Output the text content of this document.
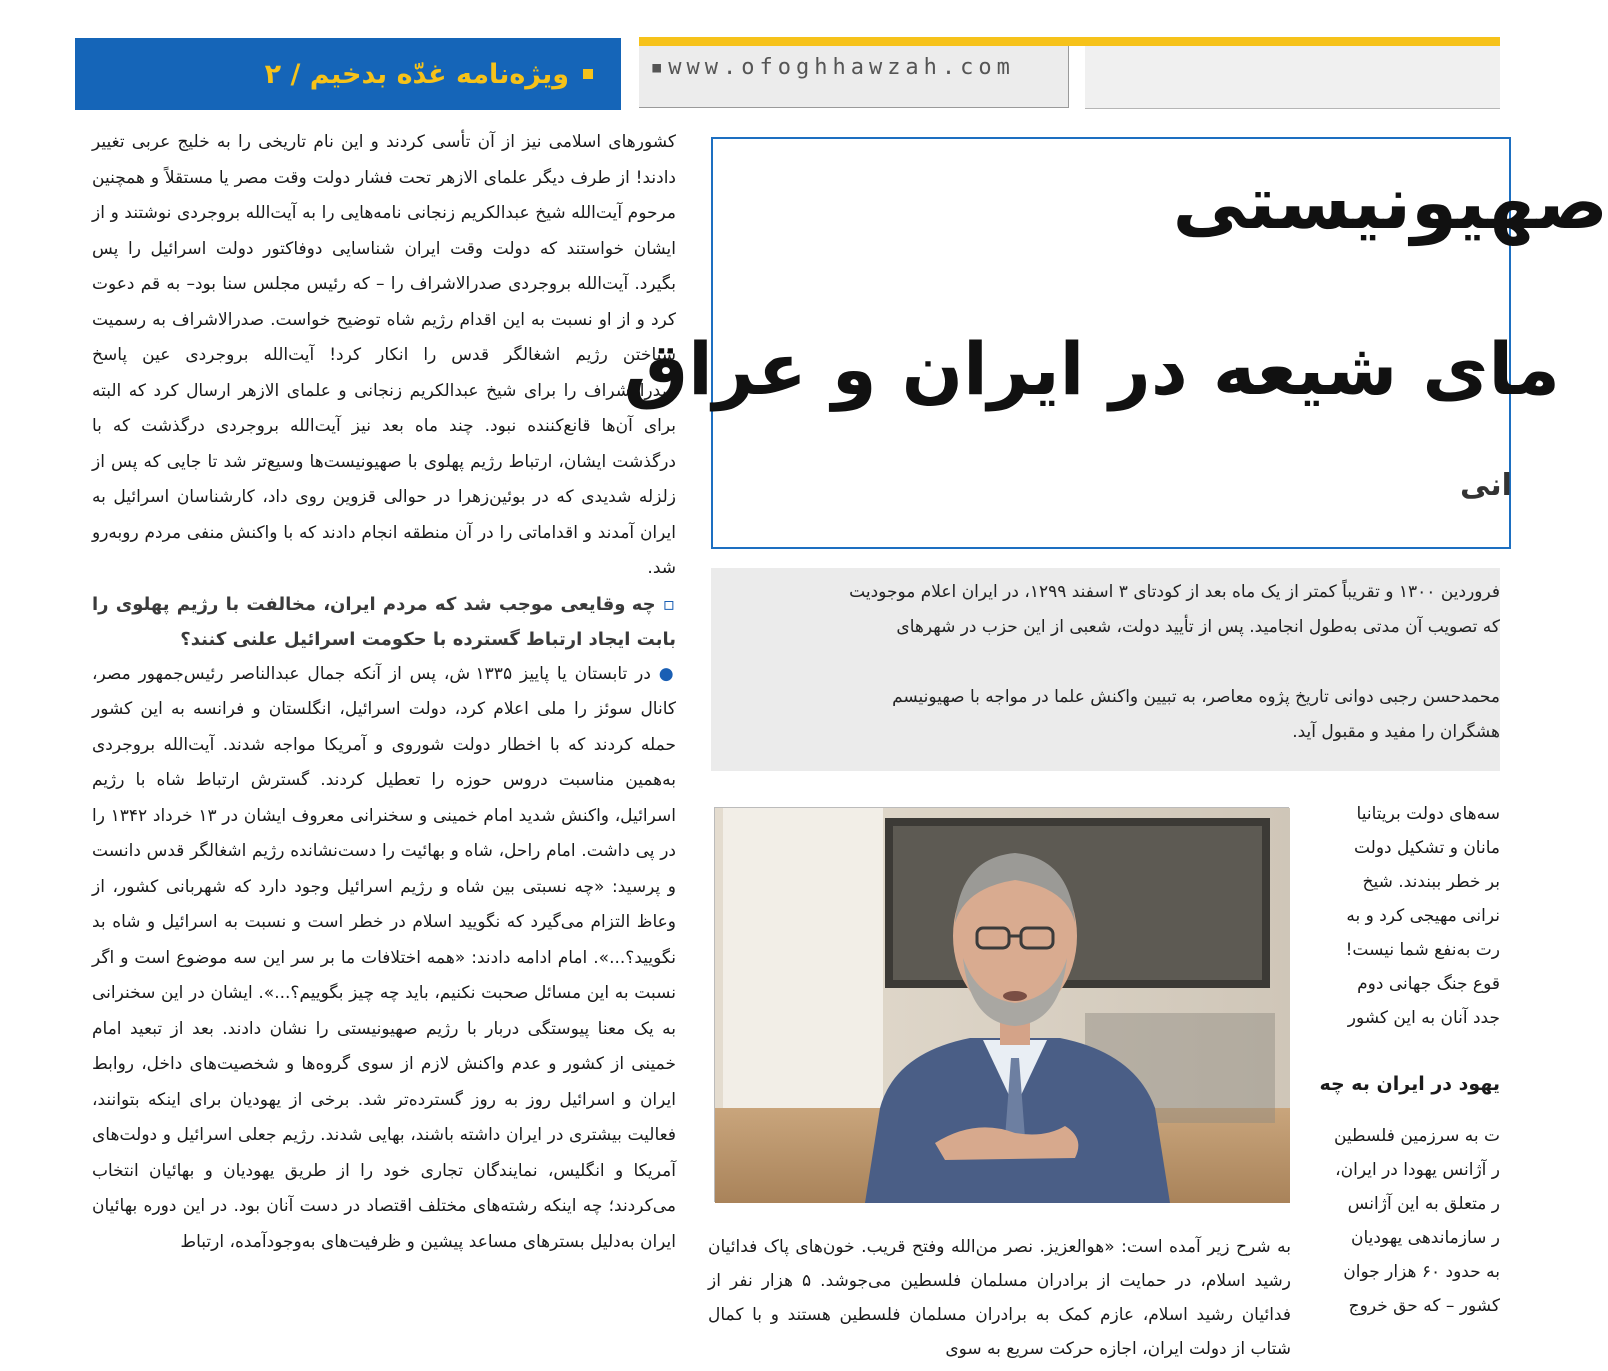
ویژه‌نامه غدّه بدخیم / ۲	▪www.ofoghhawzah.com

کشورهای اسلامی نیز از آن تأسی کردند و این نام تاریخی را به خلیج عربی تغییر دادند! از طرف دیگر علمای الازهر تحت فشار دولت وقت مصر یا مستقلاً و همچنین مرحوم آیت‌الله شیخ عبدالکریم زنجانی نامه‌هایی را به آیت‌الله بروجردی نوشتند و از ایشان خواستند که دولت وقت ایران شناسایی دوفاکتور دولت اسرائیل را پس بگیرد. آیت‌الله بروجردی صدرالاشراف را – که رئیس مجلس سنا بود– به قم دعوت کرد و از او نسبت به این اقدام رژیم شاه توضیح خواست. صدرالاشراف به رسمیت شناختن رژیم اشغالگر قدس را انکار کرد! آیت‌الله بروجردی عین پاسخ صدرالاشراف را برای شیخ عبدالکریم زنجانی و علمای الازهر ارسال کرد که البته برای آن‌ها قانع‌کننده نبود. چند ماه بعد نیز آیت‌الله بروجردی درگذشت که با درگذشت ایشان، ارتباط رژیم پهلوی با صهیونیست‌ها وسیع‌تر شد تا جایی که پس از زلزله شدیدی که در بوئین‌زهرا در حوالی قزوین روی داد، کارشناسان اسرائیل به ایران آمدند و اقداماتی را در آن منطقه انجام دادند که با واکنش منفی مردم روبه‌رو شد.

▫ چه وقایعی موجب شد که مردم ایران، مخالفت با رژیم پهلوی را بابت ایجاد ارتباط گسترده با حکومت اسرائیل علنی کنند؟

● در تابستان یا پاییز ۱۳۳۵ ش، پس از آنکه جمال عبدالناصر رئیس‌جمهور مصر، کانال سوئز را ملی اعلام کرد، دولت اسرائیل، انگلستان و فرانسه به این کشور حمله کردند که با اخطار دولت شوروی و آمریکا مواجه شدند. آیت‌الله بروجردی به‌همین مناسبت دروس حوزه را تعطیل کردند. گسترش ارتباط شاه با رژیم اسرائیل، واکنش شدید امام خمینی و سخنرانی معروف ایشان در ۱۳ خرداد ۱۳۴۲ را در پی داشت. امام راحل، شاه و بهائیت را دست‌نشانده رژیم اشغالگر قدس دانست و پرسید: «چه نسبتی بین شاه و رژیم اسرائیل وجود دارد که شهربانی کشور، از وعاظ التزام می‌گیرد که نگویید اسلام در خطر است و نسبت به اسرائیل و شاه بد نگویید؟...». امام ادامه دادند: «همه اختلافات ما بر سر این سه موضوع است و اگر نسبت به این مسائل صحبت نکنیم، باید چه چیز بگوییم؟...». ایشان در این سخنرانی به یک معنا پیوستگی دربار با رژیم صهیونیستی را نشان دادند. بعد از تبعید امام خمینی از کشور و عدم واکنش لازم از سوی گروه‌ها و شخصیت‌های داخل، روابط ایران و اسرائیل روز به روز گسترده‌تر شد. برخی از یهودیان برای اینکه بتوانند، فعالیت بیشتری در ایران داشته باشند، بهایی شدند. رژیم جعلی اسرائیل و دولت‌های آمریکا و انگلیس، نمایندگان تجاری خود را از طریق یهودیان و بهائیان انتخاب می‌کردند؛ چه اینکه رشته‌های مختلف اقتصاد در دست آنان بود. در این دوره بهائیان ایران به‌دلیل بسترهای مساعد پیشین و ظرفیت‌های به‌وجودآمده، ارتباط

صهیونیستی
مای شیعه در ایران و عراق
انی

فروردین ۱۳۰۰ و تقریباً کمتر از یک ماه بعد از کودتای ۳ اسفند ۱۲۹۹، در ایران اعلام موجودیت

که تصویب آن مدتی به‌طول انجامید. پس از تأیید دولت، شعبی از این حزب در شهرهای

محمدحسن رجبی دوانی تاریخ پژوه معاصر، به تبیین واکنش علما در مواجه با صهیونیسم

هشگران را مفید و مقبول آید.

به شرح زیر آمده است: «هوالعزیز. نصر من‌الله وفتح قریب. خون‌های پاک فدائیان رشید اسلام، در حمایت از برادران مسلمان فلسطین می‌جوشد. ۵ هزار نفر از فدائیان رشید اسلام، عازم کمک به برادران مسلمان فلسطین هستند و با کمال شتاب از دولت ایران، اجازه حرکت سریع به سوی

سه‌های دولت بریتانیا

مانان و تشکیل دولت

بر خطر ببندند. شیخ

نرانی مهیجی کرد و به

رت به‌نفع شما نیست!

قوع جنگ جهانی دوم

جدد آنان به این کشور

یهود در ایران به چه

ت به سرزمین فلسطین

ر آژانس یهودا در ایران،

ر متعلق به این آژانس

ر سازماندهی یهودیان

به حدود ۶۰ هزار جوان

کشور – که حق خروج
